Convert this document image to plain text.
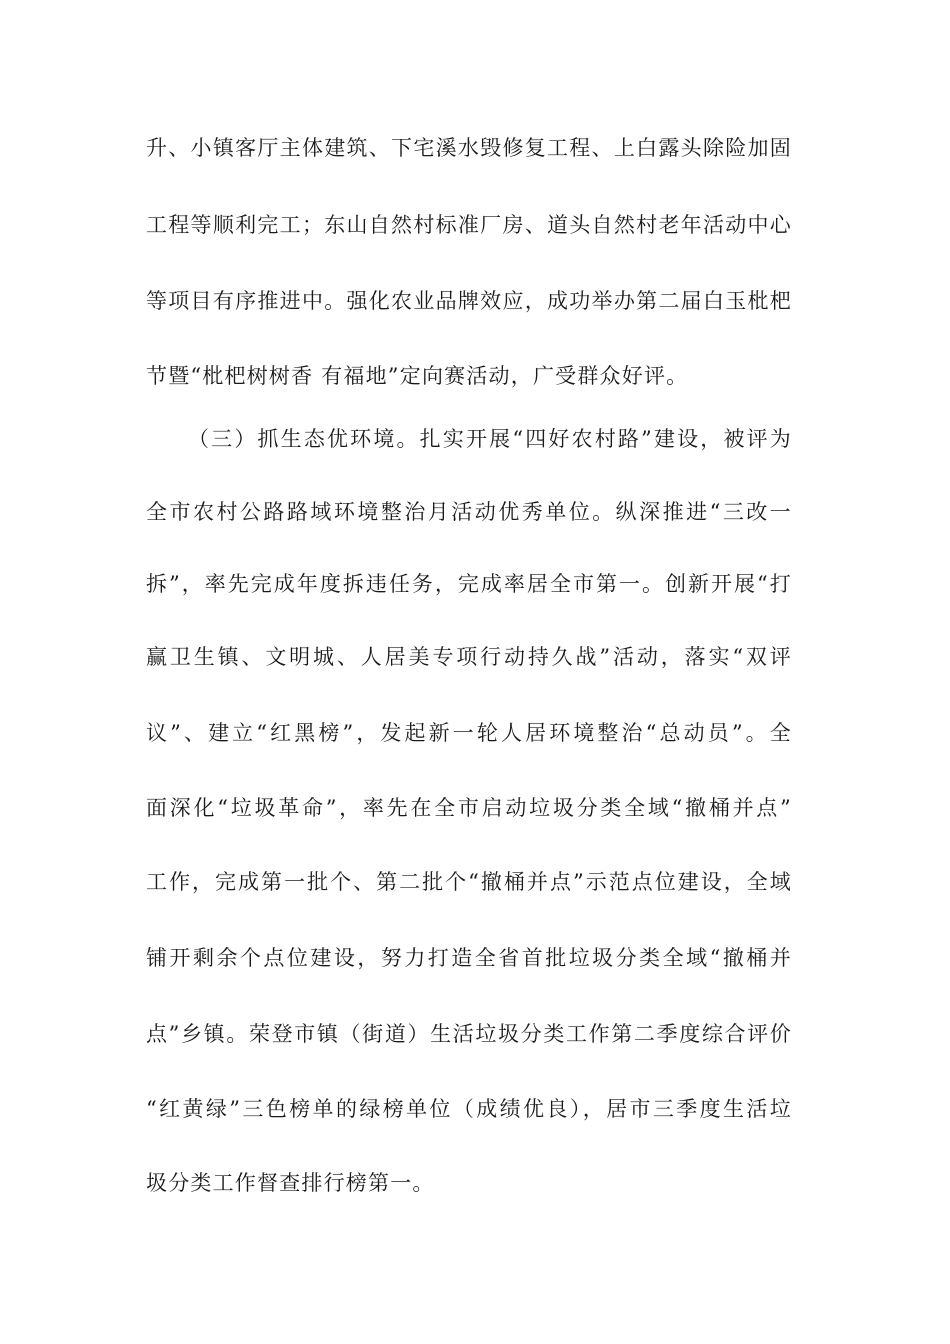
升、小镇客厅主体建筑、下宅溪水毁修复工程、上白露头除险加固
工程等顺利完工；东山自然村标准厂房、道头自然村老年活动中心
等项目有序推进中。强化农业品牌效应，成功举办第二届白玉枇杷
节暨“枇杷树树香 有福地”定向赛活动，广受群众好评。
（三）抓生态优环境。扎实开展“四好农村路”建设，被评为
全市农村公路路域环境整治月活动优秀单位。纵深推进“三改一
拆”，率先完成年度拆违任务，完成率居全市第一。创新开展“打
赢卫生镇、文明城、人居美专项行动持久战”活动，落实“双评
议”、建立“红黑榜”，发起新一轮人居环境整治“总动员”。全
面深化“垃圾革命”，率先在全市启动垃圾分类全域“撤桶并点”
工作，完成第一批个、第二批个“撤桶并点”示范点位建设，全域
铺开剩余个点位建设，努力打造全省首批垃圾分类全域“撤桶并
点”乡镇。荣登市镇（街道）生活垃圾分类工作第二季度综合评价
“红黄绿”三色榜单的绿榜单位（成绩优良），居市三季度生活垃
圾分类工作督查排行榜第一。
